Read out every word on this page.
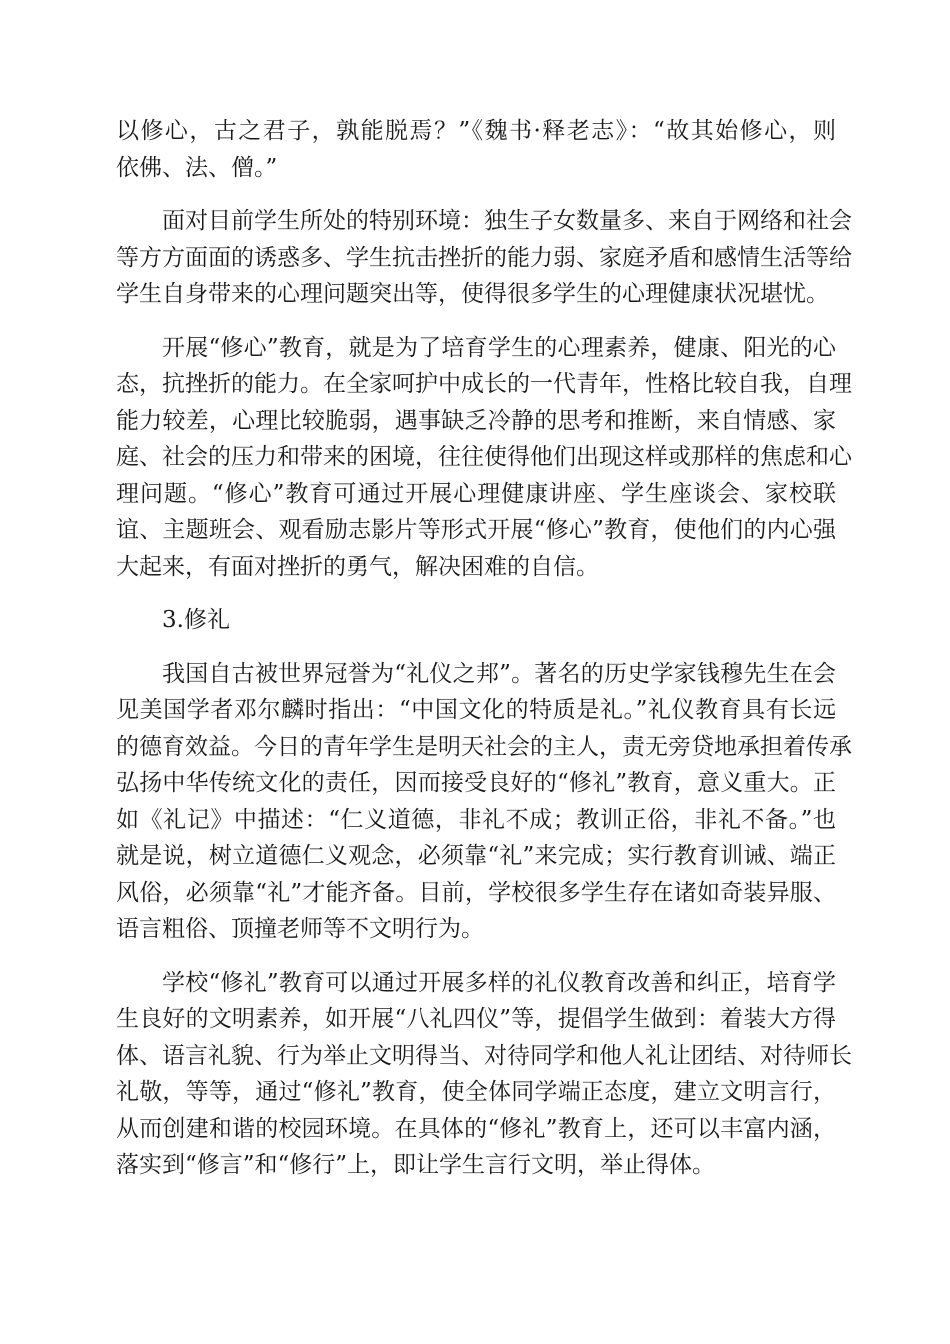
以修心，古之君子，孰能脱焉？”《魏书·释老志》：“故其始修心，则
依佛、法、僧。”

面对目前学生所处的特别环境：独生子女数量多、来自于网络和社会
等方方面面的诱惑多、学生抗击挫折的能力弱、家庭矛盾和感情生活等给
学生自身带来的心理问题突出等，使得很多学生的心理健康状况堪忧。

开展“修心”教育，就是为了培育学生的心理素养，健康、阳光的心
态，抗挫折的能力。在全家呵护中成长的一代青年，性格比较自我，自理
能力较差，心理比较脆弱，遇事缺乏冷静的思考和推断，来自情感、家
庭、社会的压力和带来的困境，往往使得他们出现这样或那样的焦虑和心
理问题。“修心”教育可通过开展心理健康讲座、学生座谈会、家校联
谊、主题班会、观看励志影片等形式开展“修心”教育，使他们的内心强
大起来，有面对挫折的勇气，解决困难的自信。

3.修礼

我国自古被世界冠誉为“礼仪之邦”。著名的历史学家钱穆先生在会
见美国学者邓尔麟时指出：“中国文化的特质是礼。”礼仪教育具有长远
的德育效益。今日的青年学生是明天社会的主人，责无旁贷地承担着传承
弘扬中华传统文化的责任，因而接受良好的“修礼”教育，意义重大。正
如《礼记》中描述：“仁义道德，非礼不成；教训正俗，非礼不备。”也
就是说，树立道德仁义观念，必须靠“礼”来完成；实行教育训诫、端正
风俗，必须靠“礼”才能齐备。目前，学校很多学生存在诸如奇装异服、
语言粗俗、顶撞老师等不文明行为。

学校“修礼”教育可以通过开展多样的礼仪教育改善和纠正，培育学
生良好的文明素养，如开展“八礼四仪”等，提倡学生做到：着装大方得
体、语言礼貌、行为举止文明得当、对待同学和他人礼让团结、对待师长
礼敬，等等，通过“修礼”教育，使全体同学端正态度，建立文明言行，
从而创建和谐的校园环境。在具体的“修礼”教育上，还可以丰富内涵，
落实到“修言”和“修行”上，即让学生言行文明，举止得体。
